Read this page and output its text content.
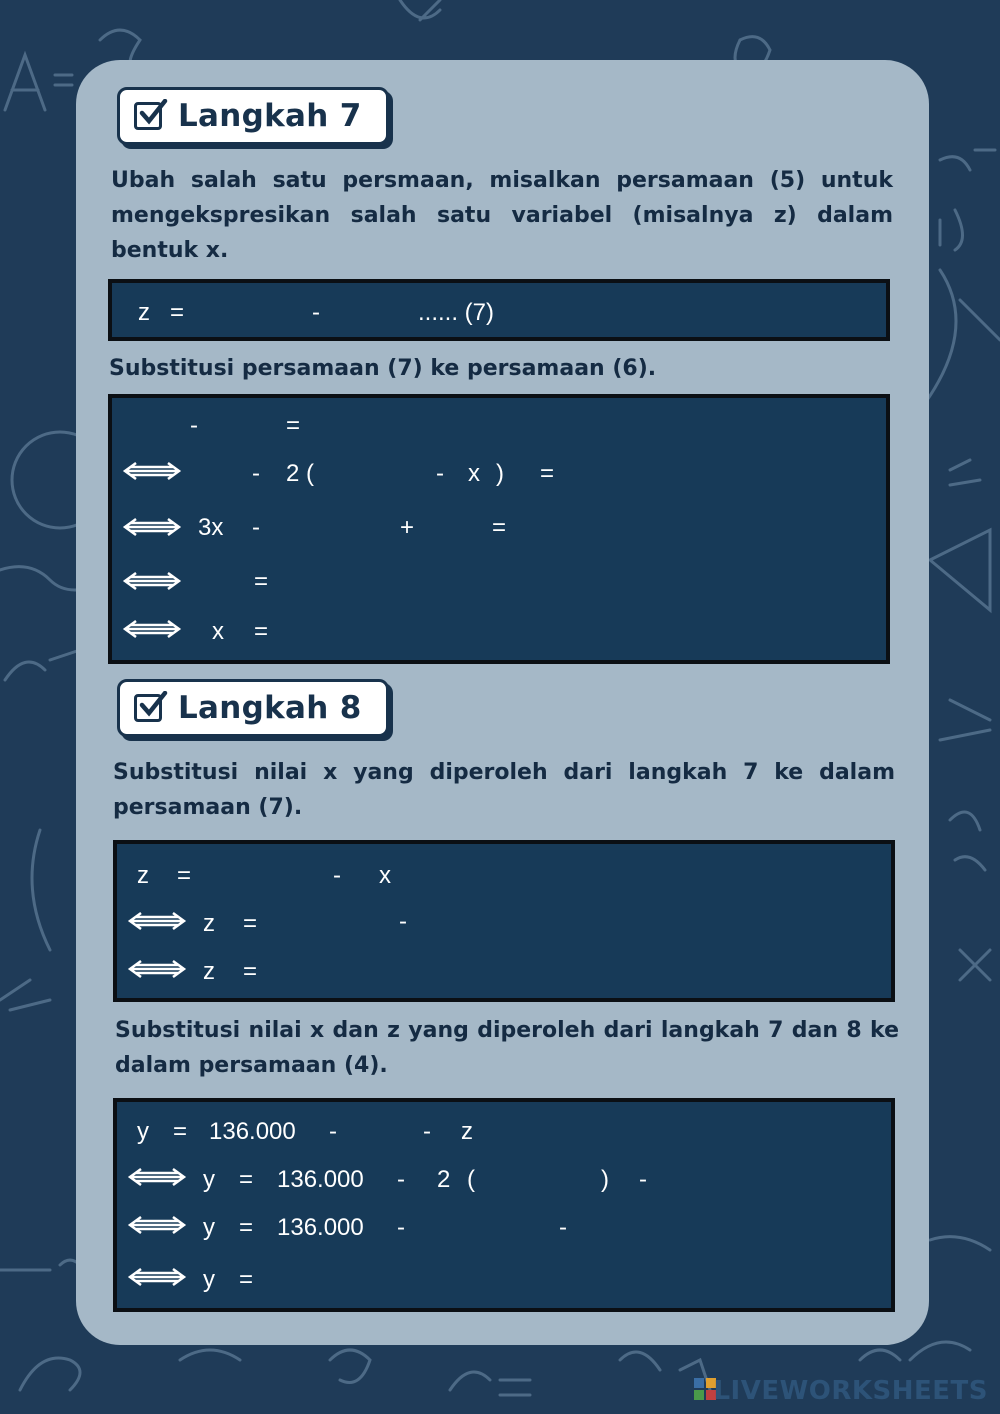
Langkah 7
Ubah salah satu persmaan, misalkan persamaan (5) untuk mengekspresikan salah satu variabel (misalnya z) dalam bentuk x.
z =	-	...... (7)
Substitusi persamaan (7) ke persamaan (6).
-	=
- 2 (	- x ) =
3x -	+	=
=
x =
Langkah 8
Substitusi nilai x yang diperoleh dari langkah 7 ke dalam persamaan (7).
z =	- x
z =	-
z =
Substitusi nilai x dan z yang diperoleh dari langkah 7 dan 8 ke dalam persamaan (4).
y = 136.000 -	- z
y = 136.000 - 2 (	) -
y = 136.000 -	-
y =
LIVEWORKSHEETS
